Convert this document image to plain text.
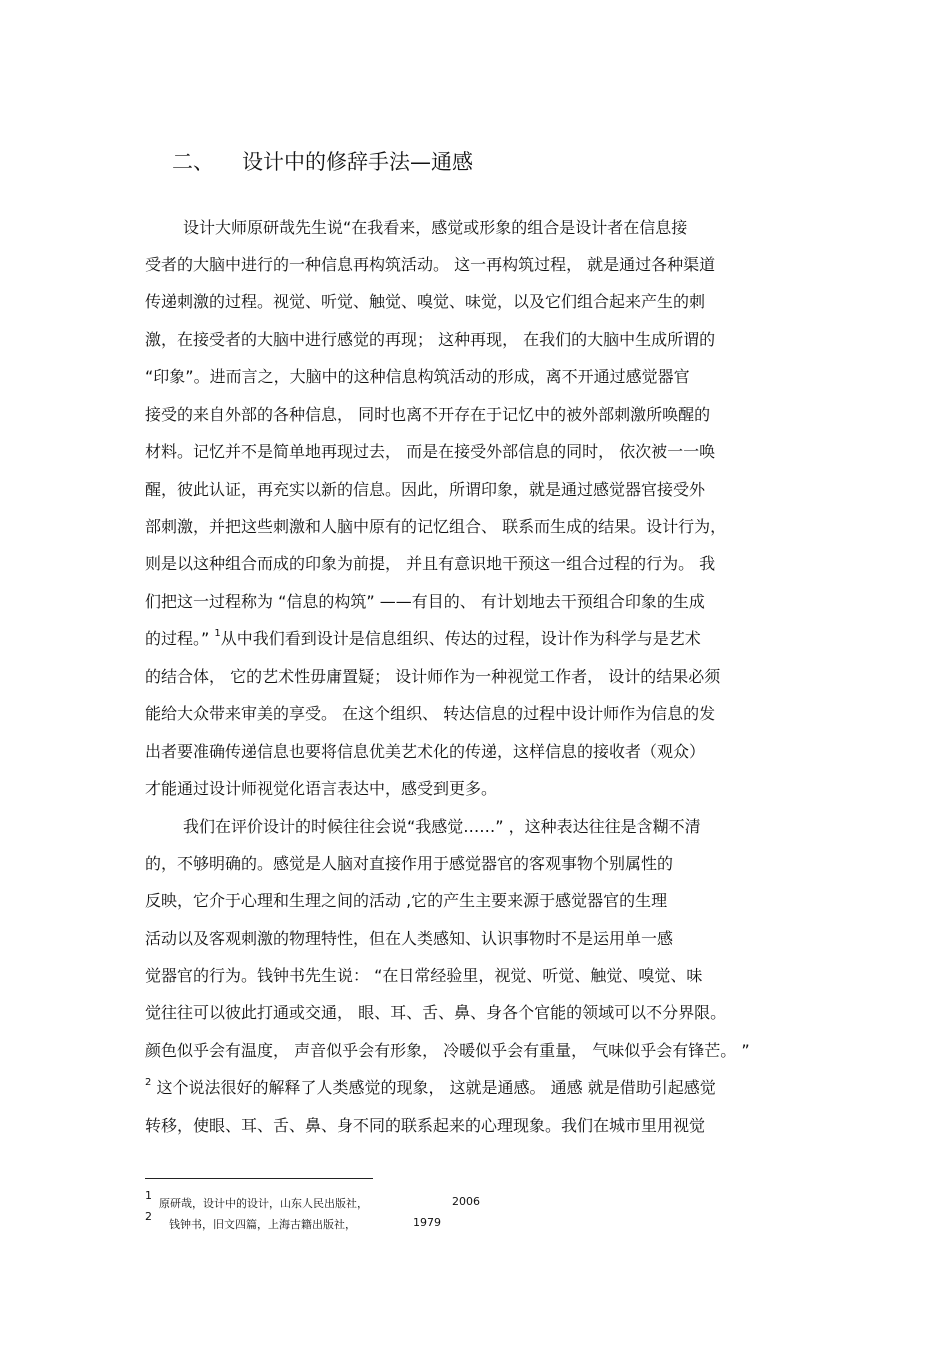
二、 设计中的修辞手法—通感
设计大师原研哉先生说“在我看来，感觉或形象的组合是设计者在信息接
受者的大脑中进行的一种信息再构筑活动。 这一再构筑过程， 就是通过各种渠道
传递刺激的过程。视觉、听觉、触觉、嗅觉、味觉，以及它们组合起来产生的刺
激，在接受者的大脑中进行感觉的再现； 这种再现， 在我们的大脑中生成所谓的
“印象”。进而言之，大脑中的这种信息构筑活动的形成，离不开通过感觉器官
接受的来自外部的各种信息， 同时也离不开存在于记忆中的被外部刺激所唤醒的
材料。记忆并不是简单地再现过去， 而是在接受外部信息的同时， 依次被一一唤
醒，彼此认证，再充实以新的信息。因此，所谓印象，就是通过感觉器官接受外
部刺激，并把这些刺激和人脑中原有的记忆组合、 联系而生成的结果。设计行为，
则是以这种组合而成的印象为前提， 并且有意识地干预这一组合过程的行为。 我
们把这一过程称为 “信息的构筑” ——有目的、 有计划地去干预组合印象的生成
的过程。” $^1$从中我们看到设计是信息组织、传达的过程，设计作为科学与是艺术
的结合体， 它的艺术性毋庸置疑； 设计师作为一种视觉工作者， 设计的结果必须
能给大众带来审美的享受。 在这个组织、 转达信息的过程中设计师作为信息的发
出者要准确传递信息也要将信息优美艺术化的传递，这样信息的接收者（观众）
才能通过设计师视觉化语言表达中，感受到更多。
我们在评价设计的时候往往会说“我感觉……” ，这种表达往往是含糊不清
的，不够明确的。感觉是人脑对直接作用于感觉器官的客观事物个别属性的
反映，它介于心理和生理之间的活动 ,它的产生主要来源于感觉器官的生理
活动以及客观刺激的物理特性，但在人类感知、认识事物时不是运用单一感
觉器官的行为。钱钟书先生说： “在日常经验里，视觉、听觉、触觉、嗅觉、味
觉往往可以彼此打通或交通， 眼、耳、舌、鼻、身各个官能的领域可以不分界限。
颜色似乎会有温度， 声音似乎会有形象， 冷暖似乎会有重量， 气味似乎会有锋芒。 ”
$^2$ 这个说法很好的解释了人类感觉的现象， 这就是通感。 通感 就是借助引起感觉
转移，使眼、耳、舌、鼻、身不同的联系起来的心理现象。我们在城市里用视觉
1
原研哉，设计中的设计，山东人民出版社，	2006
2
钱钟书，旧文四篇，上海古籍出版社，	1979
